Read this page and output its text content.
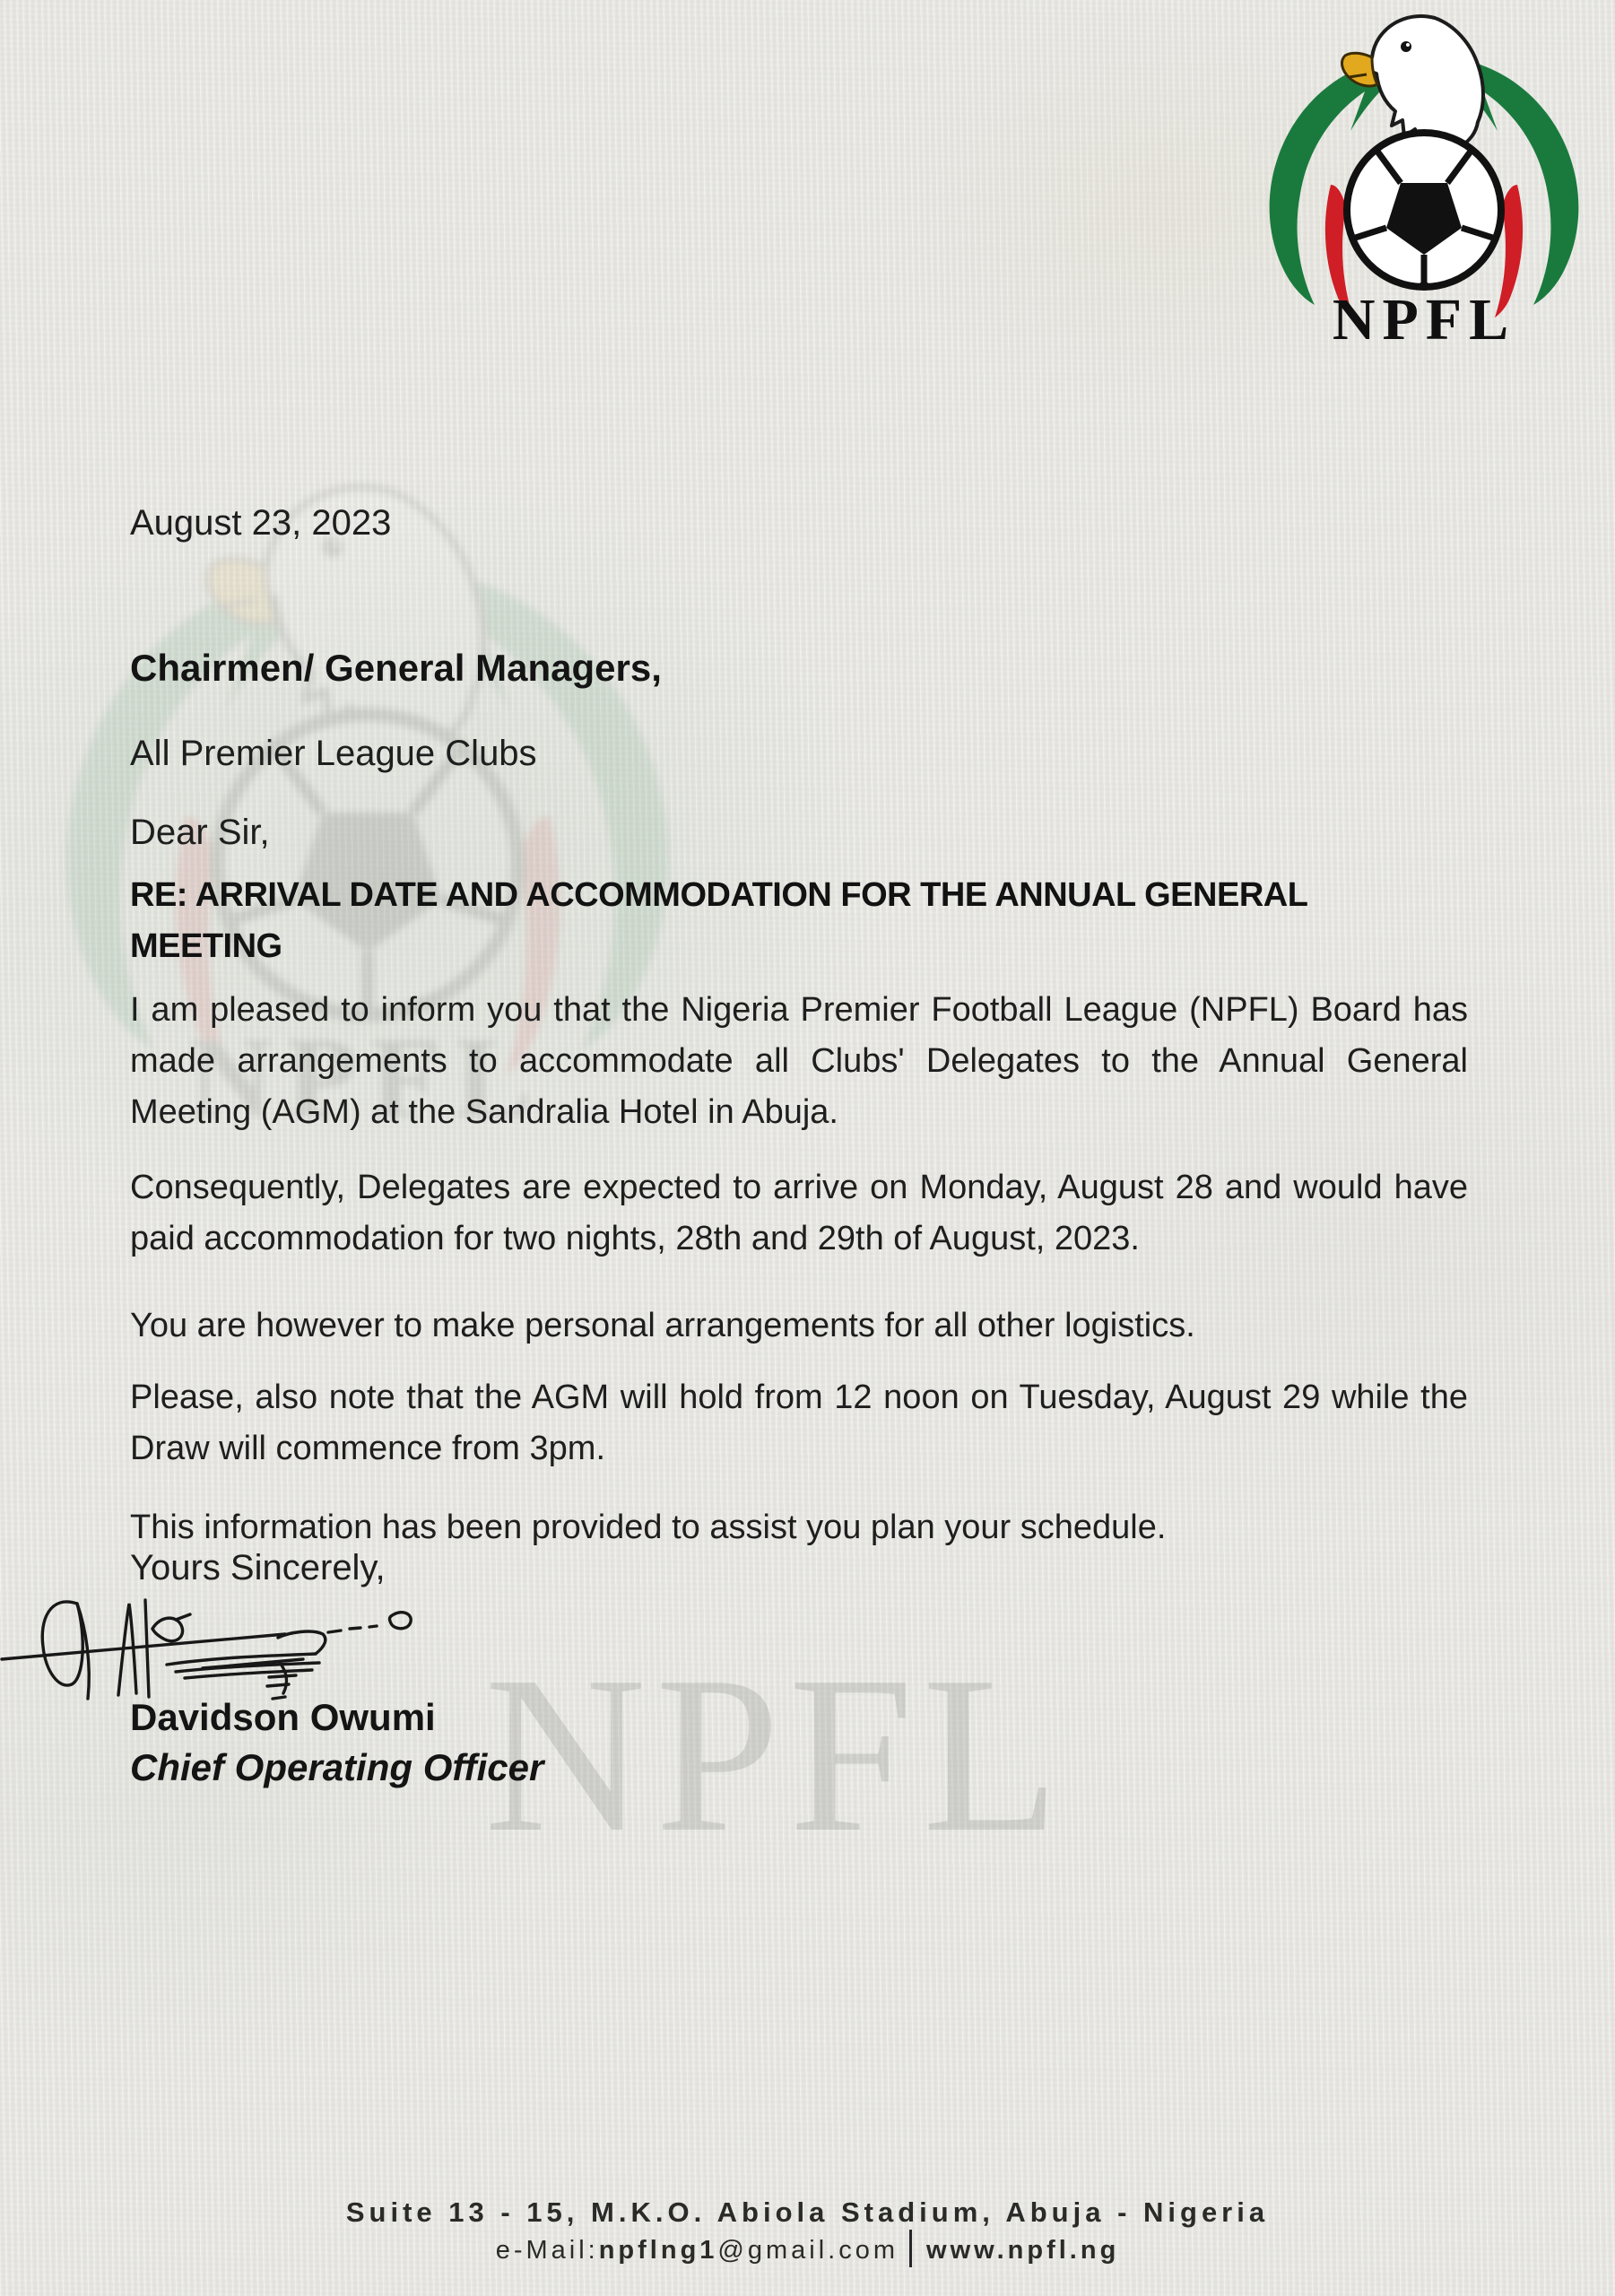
NPFL
NPFL
August 23, 2023
Chairmen/ General Managers,
All Premier League Clubs
Dear Sir,
RE: ARRIVAL DATE AND ACCOMMODATION FOR THE ANNUAL GENERAL MEETING

I am pleased to inform you that the Nigeria Premier Football League (NPFL) Board has made arrangements to accommodate all Clubs' Delegates to the Annual General Meeting (AGM) at the Sandralia Hotel in Abuja.

Consequently, Delegates are expected to arrive on Monday, August 28 and would have paid accommodation for two nights, 28th and 29th of August, 2023.

You are however to make personal arrangements for all other logistics.

Please, also note that the AGM will hold from 12 noon on Tuesday, August 29 while the Draw will commence from 3pm.

This information has been provided to assist you plan your schedule.

Yours Sincerely,
Davidson Owumi
Chief Operating Officer
Suite 13 - 15, M.K.O. Abiola Stadium, Abuja - Nigeria
e-Mail:npflng1@gmail.com www.npfl.ng
